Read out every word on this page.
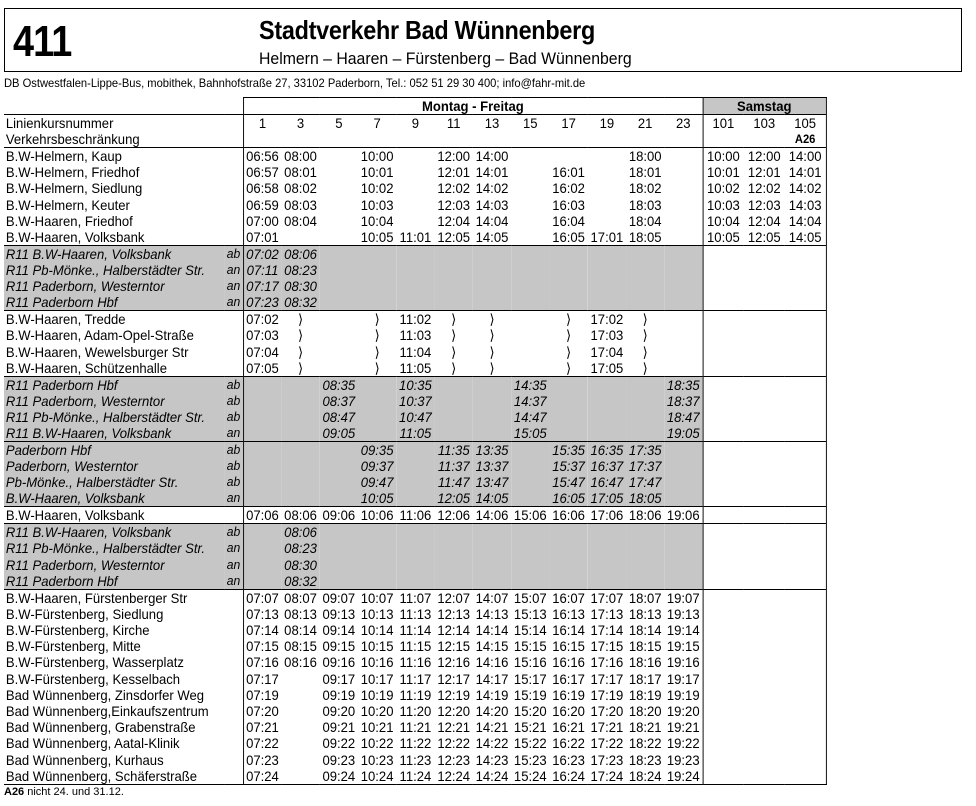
411	Stadtverkehr Bad Wünnenberg
Helmern – Haaren – Fürstenberg – Bad Wünnenberg
DB Ostwestfalen-Lippe-Bus, mobithek, Bahnhofstraße 27, 33102 Paderborn, Tel.: 052 51 29 30 400; info@fahr-mit.de
		Montag - Freitag												Samstag		
Linienkursnummer		1	3	5	7	9	11	13	15	17	19	21	23	101	103	105
Verkehrsbeschränkung																A26
B.W-Helmern, Kaup		06:56	08:00		10:00		12:00	14:00				18:00		10:00	12:00	14:00
B.W-Helmern, Friedhof		06:57	08:01		10:01		12:01	14:01		16:01		18:01		10:01	12:01	14:01
B.W-Helmern, Siedlung		06:58	08:02		10:02		12:02	14:02		16:02		18:02		10:02	12:02	14:02
B.W-Helmern, Keuter		06:59	08:03		10:03		12:03	14:03		16:03		18:03		10:03	12:03	14:03
B.W-Haaren, Friedhof		07:00	08:04		10:04		12:04	14:04		16:04		18:04		10:04	12:04	14:04
B.W-Haaren, Volksbank		07:01			10:05	11:01	12:05	14:05		16:05	17:01	18:05		10:05	12:05	14:05
R11 B.W-Haaren, Volksbank	ab	07:02	08:06													
R11 Pb-Mönke., Halberstädter Str.	an	07:11	08:23													
R11 Paderborn, Westerntor	an	07:17	08:30													
R11 Paderborn Hbf	an	07:23	08:32													
B.W-Haaren, Tredde		07:02	⟩		⟩	11:02	⟩	⟩		⟩	17:02	⟩				
B.W-Haaren, Adam-Opel-Straße		07:03	⟩		⟩	11:03	⟩	⟩		⟩	17:03	⟩				
B.W-Haaren, Wewelsburger Str		07:04	⟩		⟩	11:04	⟩	⟩		⟩	17:04	⟩				
B.W-Haaren, Schützenhalle		07:05	⟩		⟩	11:05	⟩	⟩		⟩	17:05	⟩				
R11 Paderborn Hbf	ab			08:35		10:35			14:35				18:35			
R11 Paderborn, Westerntor	ab			08:37		10:37			14:37				18:37			
R11 Pb-Mönke., Halberstädter Str.	ab			08:47		10:47			14:47				18:47			
R11 B.W-Haaren, Volksbank	an			09:05		11:05			15:05				19:05			
Paderborn Hbf	ab				09:35		11:35	13:35		15:35	16:35	17:35				
Paderborn, Westerntor	ab				09:37		11:37	13:37		15:37	16:37	17:37				
Pb-Mönke., Halberstädter Str.	ab				09:47		11:47	13:47		15:47	16:47	17:47				
B.W-Haaren, Volksbank	an				10:05		12:05	14:05		16:05	17:05	18:05				
B.W-Haaren, Volksbank		07:06	08:06	09:06	10:06	11:06	12:06	14:06	15:06	16:06	17:06	18:06	19:06			
R11 B.W-Haaren, Volksbank	ab		08:06													
R11 Pb-Mönke., Halberstädter Str.	an		08:23													
R11 Paderborn, Westerntor	an		08:30													
R11 Paderborn Hbf	an		08:32													
B.W-Haaren, Fürstenberger Str		07:07	08:07	09:07	10:07	11:07	12:07	14:07	15:07	16:07	17:07	18:07	19:07			
B.W-Fürstenberg, Siedlung		07:13	08:13	09:13	10:13	11:13	12:13	14:13	15:13	16:13	17:13	18:13	19:13			
B.W-Fürstenberg, Kirche		07:14	08:14	09:14	10:14	11:14	12:14	14:14	15:14	16:14	17:14	18:14	19:14			
B.W-Fürstenberg, Mitte		07:15	08:15	09:15	10:15	11:15	12:15	14:15	15:15	16:15	17:15	18:15	19:15			
B.W-Fürstenberg, Wasserplatz		07:16	08:16	09:16	10:16	11:16	12:16	14:16	15:16	16:16	17:16	18:16	19:16			
B.W-Fürstenberg, Kesselbach		07:17		09:17	10:17	11:17	12:17	14:17	15:17	16:17	17:17	18:17	19:17			
Bad Wünnenberg, Zinsdorfer Weg		07:19		09:19	10:19	11:19	12:19	14:19	15:19	16:19	17:19	18:19	19:19			
Bad Wünnenberg,Einkaufszentrum		07:20		09:20	10:20	11:20	12:20	14:20	15:20	16:20	17:20	18:20	19:20			
Bad Wünnenberg, Grabenstraße		07:21		09:21	10:21	11:21	12:21	14:21	15:21	16:21	17:21	18:21	19:21			
Bad Wünnenberg, Aatal-Klinik		07:22		09:22	10:22	11:22	12:22	14:22	15:22	16:22	17:22	18:22	19:22			
Bad Wünnenberg, Kurhaus		07:23		09:23	10:23	11:23	12:23	14:23	15:23	16:23	17:23	18:23	19:23			
Bad Wünnenberg, Schäferstraße		07:24		09:24	10:24	11:24	12:24	14:24	15:24	16:24	17:24	18:24	19:24			
A26 nicht 24. und 31.12.
